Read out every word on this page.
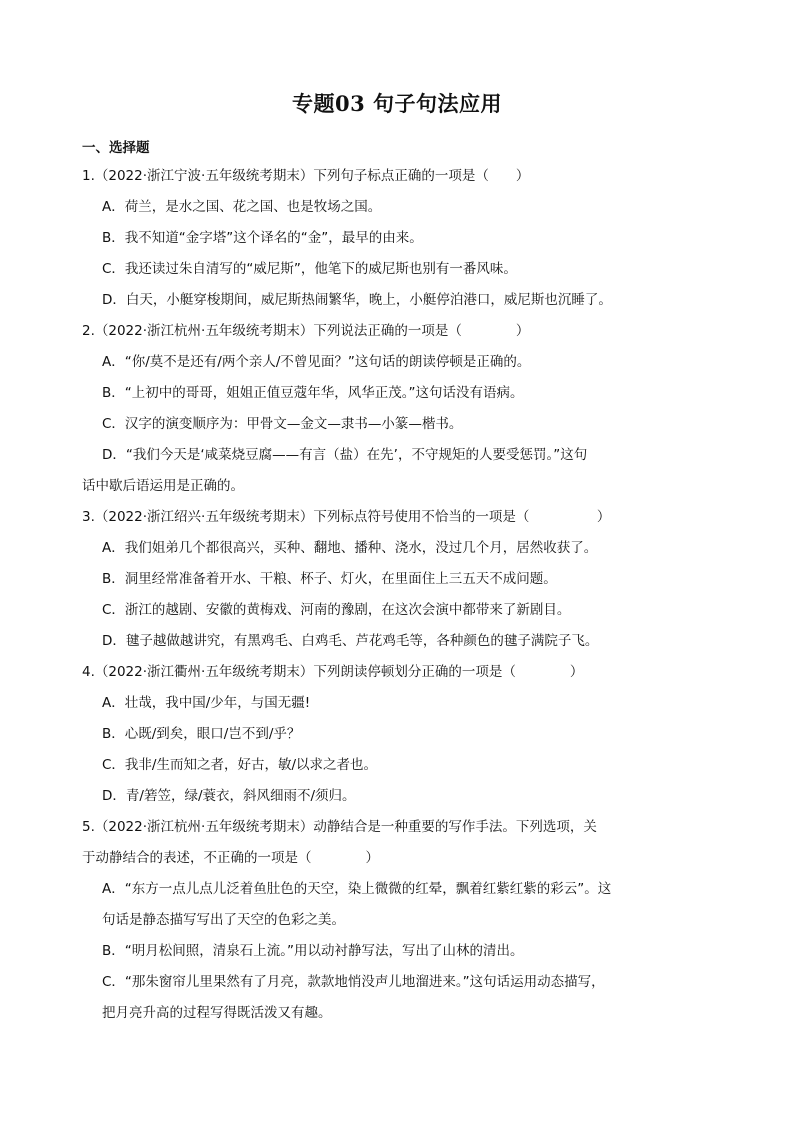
专题03 句子句法应用
一、选择题
1.（2022·浙江宁波·五年级统考期末）下列句子标点正确的一项是（　　）
A．荷兰，是水之国、花之国、也是牧场之国。
B．我不知道“金字塔”这个译名的“金”，最早的由来。
C．我还读过朱自清写的“威尼斯”，他笔下的威尼斯也别有一番风味。
D．白天，小艇穿梭期间，威尼斯热闹繁华，晚上，小艇停泊港口，威尼斯也沉睡了。
2.（2022·浙江杭州·五年级统考期末）下列说法正确的一项是（　　　　）
A．“你/莫不是还有/两个亲人/不曾见面？”这句话的朗读停顿是正确的。
B．“上初中的哥哥，姐姐正值豆蔻年华，风华正茂。”这句话没有语病。
C．汉字的演变顺序为：甲骨文—金文—隶书—小篆—楷书。
D．“我们今天是‘咸菜烧豆腐——有言（盐）在先’，不守规矩的人要受惩罚。”这句
话中歇后语运用是正确的。
3.（2022·浙江绍兴·五年级统考期末）下列标点符号使用不恰当的一项是（　　　　　）
A．我们姐弟几个都很高兴，买种、翻地、播种、浇水，没过几个月，居然收获了。
B．洞里经常准备着开水、干粮、杯子、灯火，在里面住上三五天不成问题。
C．浙江的越剧、安徽的黄梅戏、河南的豫剧，在这次会演中都带来了新剧目。
D．毽子越做越讲究，有黑鸡毛、白鸡毛、芦花鸡毛等，各种颜色的毽子满院子飞。
4.（2022·浙江衢州·五年级统考期末）下列朗读停顿划分正确的一项是（　　　　）
A．壮哉，我中国/少年，与国无疆!
B．心既/到矣，眼口/岂不到/乎？
C．我非/生而知之者，好古，敏/以求之者也。
D．青/箬笠，绿/蓑衣，斜风细雨不/须归。
5.（2022·浙江杭州·五年级统考期末）动静结合是一种重要的写作手法。下列选项，关
于动静结合的表述，不正确的一项是（　　　　）
A．“东方一点儿点儿泛着鱼肚色的天空，染上微微的红晕，飘着红紫红紫的彩云”。这
句话是静态描写写出了天空的色彩之美。
B．“明月松间照，清泉石上流。”用以动衬静写法，写出了山林的清出。
C．“那朱窗帘儿里果然有了月亮，款款地悄没声儿地溜进来。”这句话运用动态描写，
把月亮升高的过程写得既活泼又有趣。
